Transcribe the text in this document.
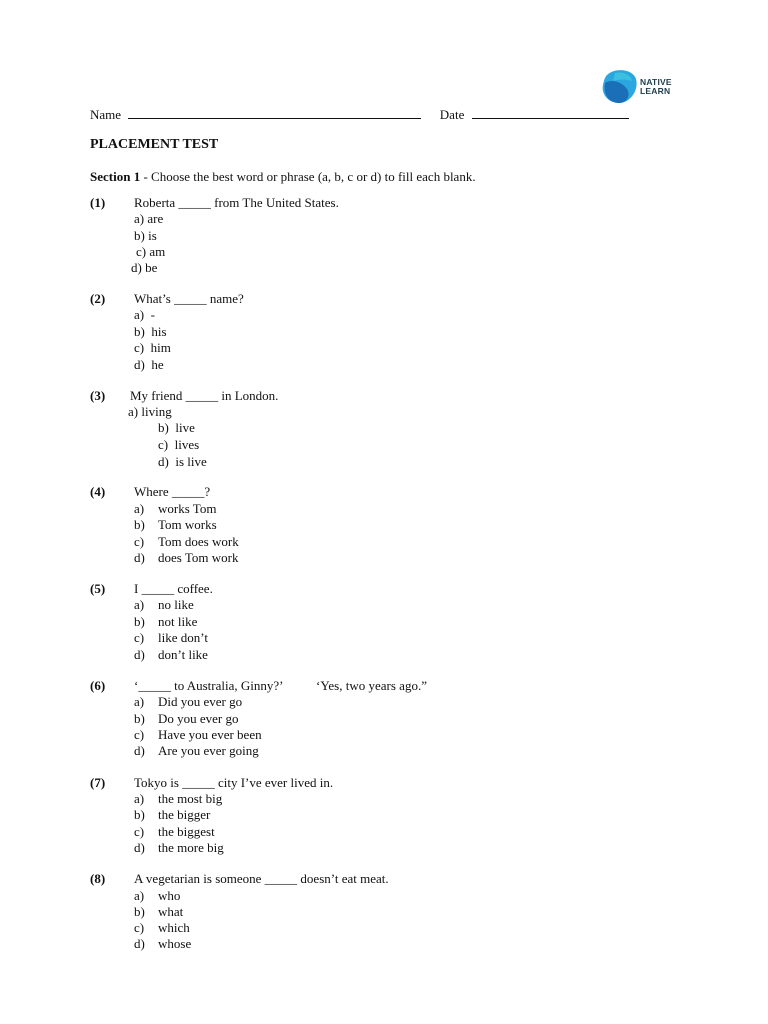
NATIVE
LEARN
Name	Date
PLACEMENT TEST
Section 1 - Choose the best word or phrase (a, b, c or d) to fill each blank.
(1) Roberta _____ from The United States.
a) are
b) is
c) am
d) be
(2) What’s _____ name?
a) -
b) his
c) him
d) he
(3) My friend _____ in London.
a) living
b) live
c) lives
d) is live
(4) Where _____?
a) works Tom
b) Tom works
c) Tom does work
d) does Tom work
(5) I _____ coffee.
a) no like
b) not like
c) like don’t
d) don’t like
(6) ‘_____ to Australia, Ginny?’	‘Yes, two years ago.”
a) Did you ever go
b) Do you ever go
c) Have you ever been
d) Are you ever going
(7) Tokyo is _____ city I’ve ever lived in.
a) the most big
b) the bigger
c) the biggest
d) the more big
(8) A vegetarian is someone _____ doesn’t eat meat.
a) who
b) what
c) which
d) whose
